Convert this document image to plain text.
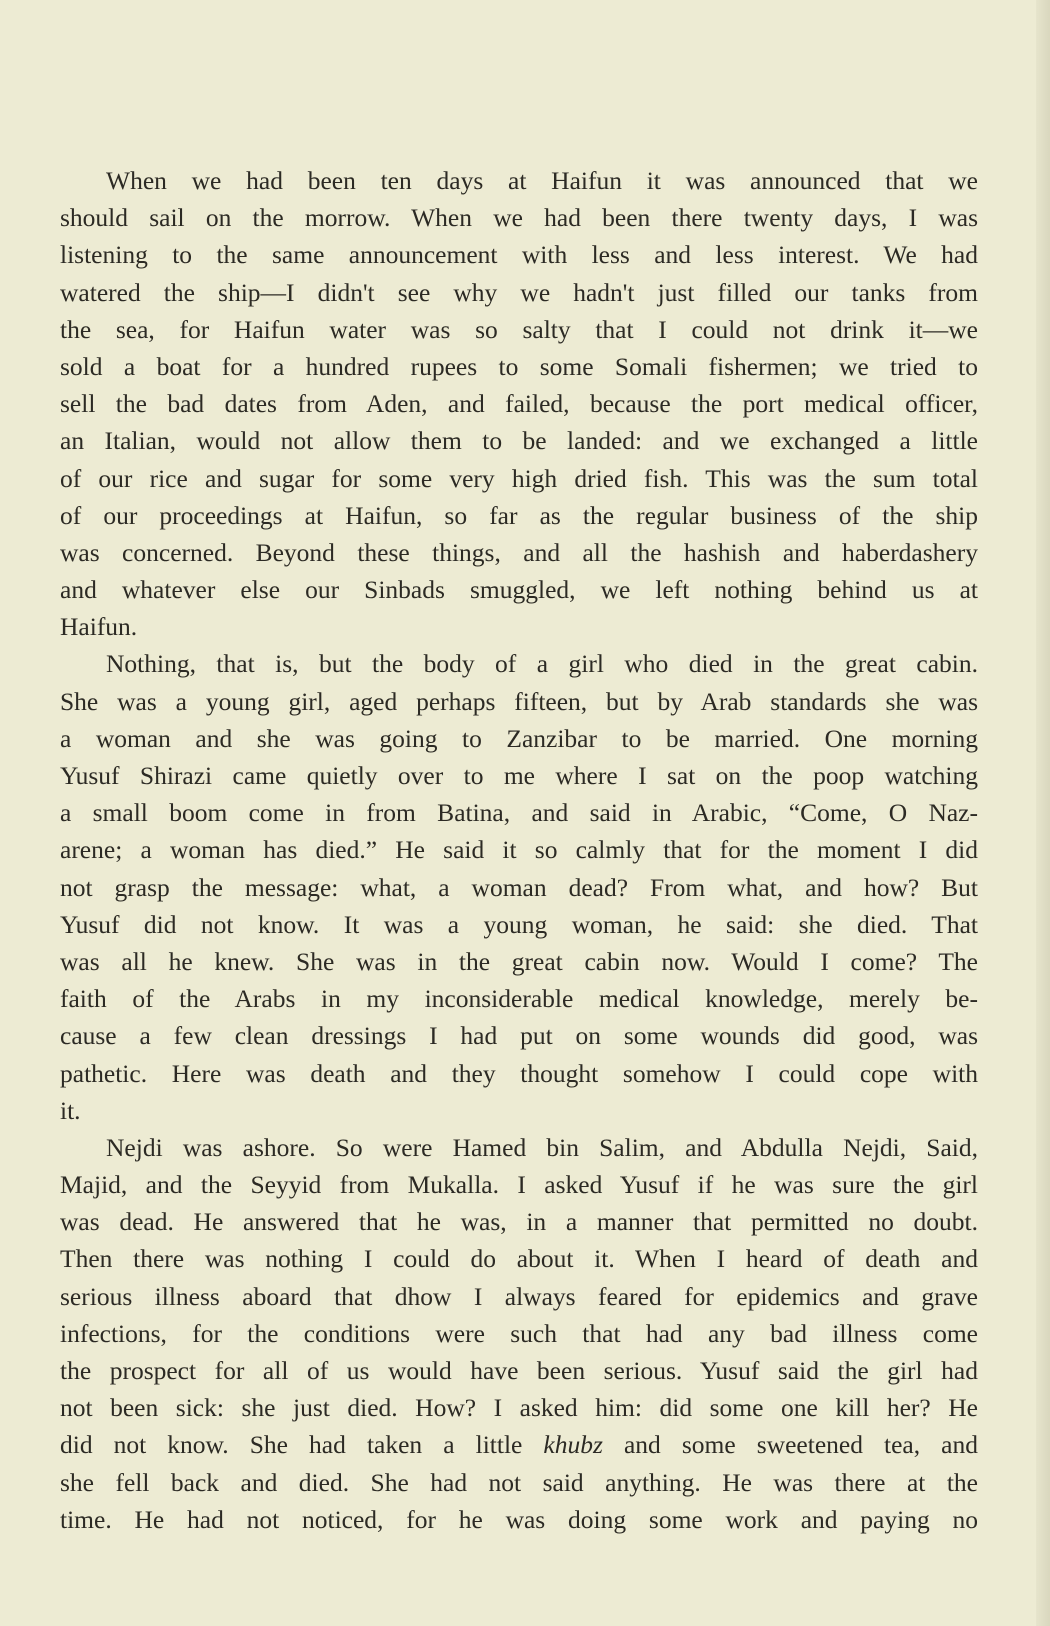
When we had been ten days at Haifun it was announced that we
should sail on the morrow. When we had been there twenty days, I was
listening to the same announcement with less and less interest. We had
watered the ship—I didn't see why we hadn't just filled our tanks from
the sea, for Haifun water was so salty that I could not drink it—we
sold a boat for a hundred rupees to some Somali fishermen; we tried to
sell the bad dates from Aden, and failed, because the port medical officer,
an Italian, would not allow them to be landed: and we exchanged a little
of our rice and sugar for some very high dried fish. This was the sum total
of our proceedings at Haifun, so far as the regular business of the ship
was concerned. Beyond these things, and all the hashish and haberdashery
and whatever else our Sinbads smuggled, we left nothing behind us at
Haifun.
Nothing, that is, but the body of a girl who died in the great cabin.
She was a young girl, aged perhaps fifteen, but by Arab standards she was
a woman and she was going to Zanzibar to be married. One morning
Yusuf Shirazi came quietly over to me where I sat on the poop watching
a small boom come in from Batina, and said in Arabic, “Come, O Naz-
arene; a woman has died.” He said it so calmly that for the moment I did
not grasp the message: what, a woman dead? From what, and how? But
Yusuf did not know. It was a young woman, he said: she died. That
was all he knew. She was in the great cabin now. Would I come? The
faith of the Arabs in my inconsiderable medical knowledge, merely be-
cause a few clean dressings I had put on some wounds did good, was
pathetic. Here was death and they thought somehow I could cope with
it.
Nejdi was ashore. So were Hamed bin Salim, and Abdulla Nejdi, Said,
Majid, and the Seyyid from Mukalla. I asked Yusuf if he was sure the girl
was dead. He answered that he was, in a manner that permitted no doubt.
Then there was nothing I could do about it. When I heard of death and
serious illness aboard that dhow I always feared for epidemics and grave
infections, for the conditions were such that had any bad illness come
the prospect for all of us would have been serious. Yusuf said the girl had
not been sick: she just died. How? I asked him: did some one kill her? He
did not know. She had taken a little khubz and some sweetened tea, and
she fell back and died. She had not said anything. He was there at the
time. He had not noticed, for he was doing some work and paying no
